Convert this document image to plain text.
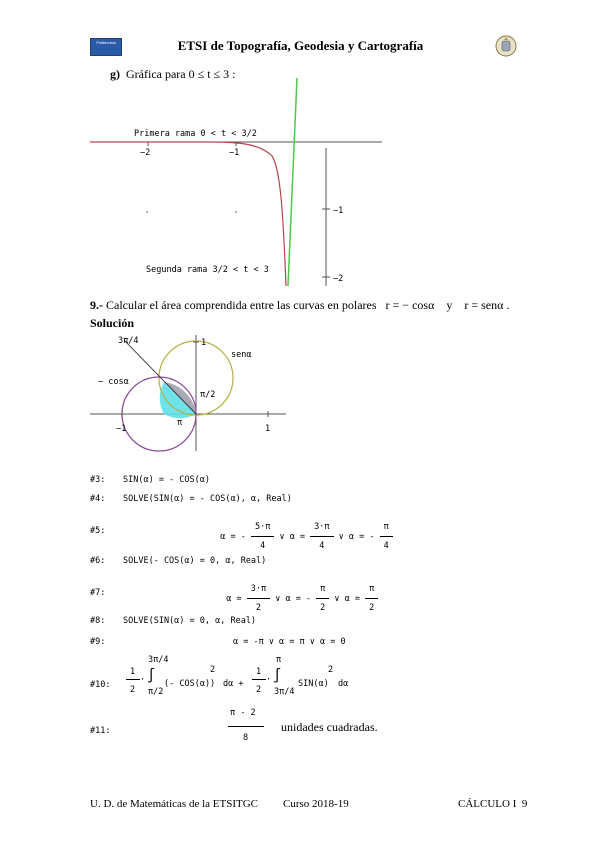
Politécnica	ETSI de Topografía, Geodesia y Cartografía
g) Gráfica para 0 ≤ t ≤ 3 :
Primera rama 0 < t < 3/2
Segunda rama 3/2 < t < 3
−2	−1
−1
−2
9.- Calcular el área comprendida entre las curvas en polares r = − cosα y r = senα .
Solución
3π/4
senα
− cosα
π/2
π
−1	1
1
#3: SIN(α) = - COS(α)
#4: SOLVE(SIN(α) = - COS(α), α, Real)
#5:

α = - $\frac{5\cdot\pi}{4}$ ∨ $\alpha = \frac{3\cdot\pi}{4}$ ∨ α = - $\frac{\pi}{4}$

#6: SOLVE(- COS(α) = 0, α, Real)
#7:

$\alpha = \frac{3\cdot\pi}{2}$ ∨ α = - $\frac{\pi}{2}$ ∨ $\alpha = \frac{\pi}{2}$

#8: SOLVE(SIN(α) = 0, α, Real)
#9:	α = -π ∨ α = π ∨ α = 0
#10:
1
2
·
3π/4
∫
π/2
(- COS(α))
2
dα +
1
2
·
π
∫
3π/4
SIN(α)
2
dα
#11:
π - 2
8
unidades cuadradas.
U. D. de Matemáticas de la ETSITGC Curso 2018-19	CÁLCULO I 9
